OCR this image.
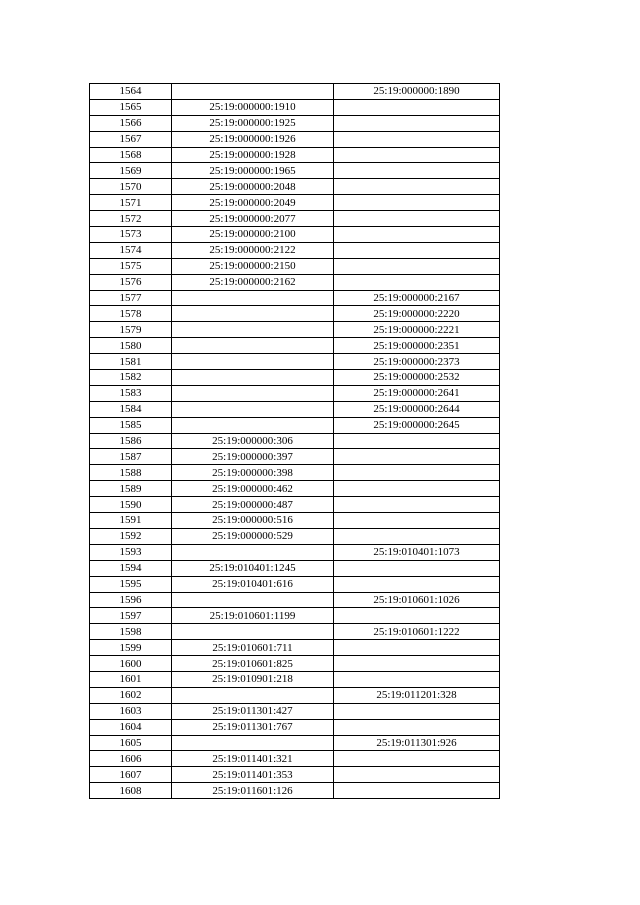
1564		25:19:000000:1890
1565	25:19:000000:1910	
1566	25:19:000000:1925	
1567	25:19:000000:1926	
1568	25:19:000000:1928	
1569	25:19:000000:1965	
1570	25:19:000000:2048	
1571	25:19:000000:2049	
1572	25:19:000000:2077	
1573	25:19:000000:2100	
1574	25:19:000000:2122	
1575	25:19:000000:2150	
1576	25:19:000000:2162	
1577		25:19:000000:2167
1578		25:19:000000:2220
1579		25:19:000000:2221
1580		25:19:000000:2351
1581		25:19:000000:2373
1582		25:19:000000:2532
1583		25:19:000000:2641
1584		25:19:000000:2644
1585		25:19:000000:2645
1586	25:19:000000:306	
1587	25:19:000000:397	
1588	25:19:000000:398	
1589	25:19:000000:462	
1590	25:19:000000:487	
1591	25:19:000000:516	
1592	25:19:000000:529	
1593		25:19:010401:1073
1594	25:19:010401:1245	
1595	25:19:010401:616	
1596		25:19:010601:1026
1597	25:19:010601:1199	
1598		25:19:010601:1222
1599	25:19:010601:711	
1600	25:19:010601:825	
1601	25:19:010901:218	
1602		25:19:011201:328
1603	25:19:011301:427	
1604	25:19:011301:767	
1605		25:19:011301:926
1606	25:19:011401:321	
1607	25:19:011401:353	
1608	25:19:011601:126	
